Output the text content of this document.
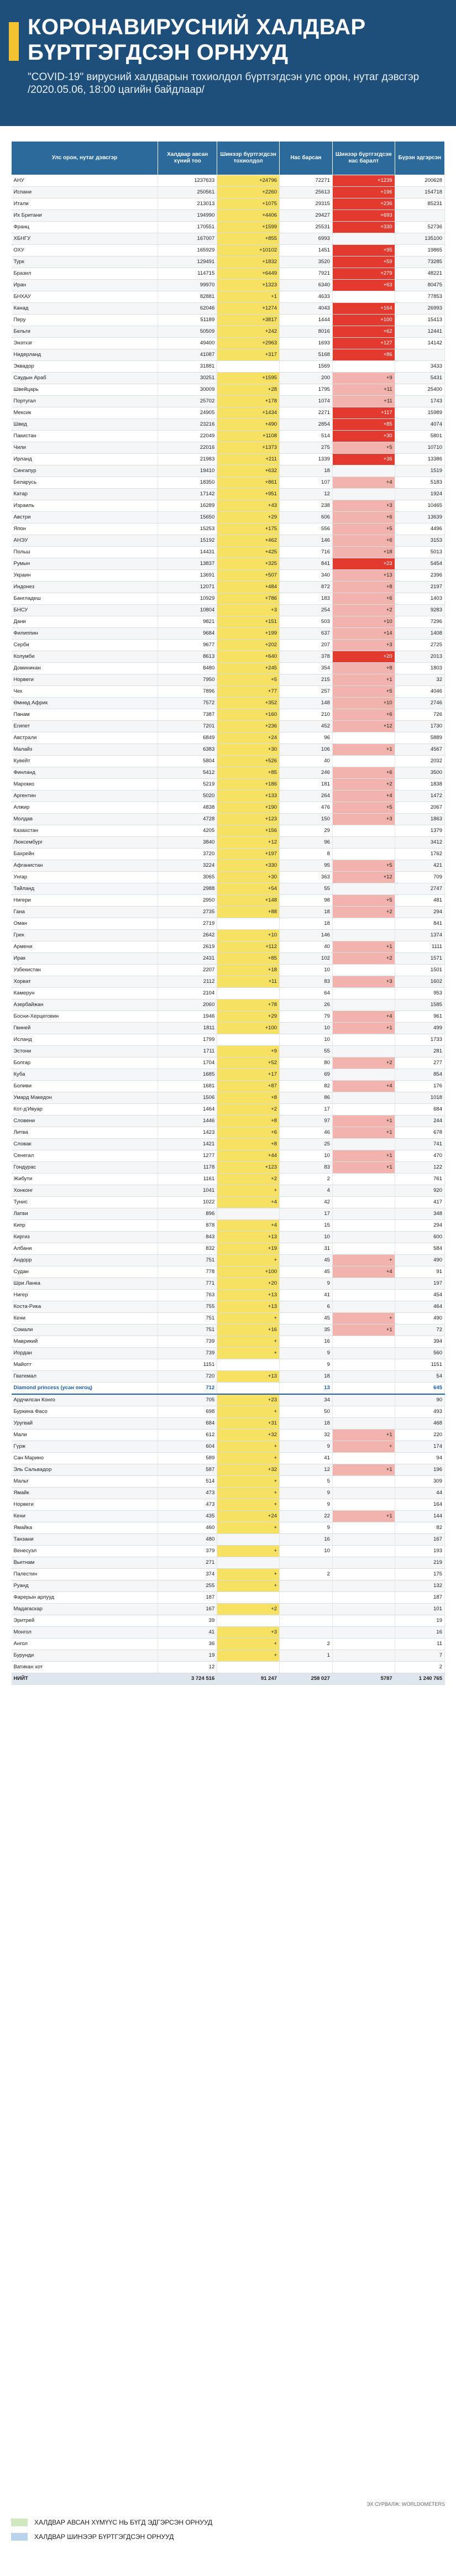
КОРОНАВИРУСНИЙ ХАЛДВАР БҮРТГЭГДСЭН ОРНУУД
"COVID-19" вирусний халдварын тохиолдол бүртгэгдсэн улс орон, нутаг дэвсгэр /2020.05.06, 18:00 цагийн байдлаар/
Улс орон, нутаг дэвсгэр	Халдвар авсан хүний тоо	Шинээр бүртгэгдсэн тохиолдол	Нас барсан	Шинээр бүртгэгдсэн нас баралт	Бүрэн эдгэрсэн
АНУ	1237633	+24796	72271	+1239	200628
Испани	250561	+2260	25613	+196	154718
Итали	213013	+1075	29315	+236	85231
Их Британи	194990	+4406	29427	+693	
Франц	170551	+1599	25531	+330	52736
ХБНГУ	167007	+855	6993		135100
ОХУ	165929	+10102	1451	+95	19865
Турк	129491	+1832	3520	+59	73285
Бразил	114715	+6449	7921	+279	48221
Иран	99970	+1323	6340	+63	80475
БНХАУ	82881	+1	4633		77853
Канад	62046	+1274	4043	+164	26993
Перу	51189	+3817	1444	+100	15413
Бельги	50509	+242	8016	+62	12441
Энэтхэг	49400	+2963	1693	+127	14142
Нидерланд	41087	+317	5168	+86	
Эквадор	31881		1569		3433
Саудын Араб	30251	+1595	200	+9	5431
Швейцарь	30009	+28	1795	+11	25400
Португал	25702	+178	1074	+11	1743
Мексик	24905	+1434	2271	+117	15989
Швед	23216	+490	2854	+85	4074
Пакистан	22049	+1108	514	+30	5801
Чили	22016	+1373	275	+5	10710
Ирланд	21983	+211	1339	+36	13386
Сингапур	19410	+632	18		1519
Беларусь	18350	+861	107	+4	5183
Катар	17142	+951	12		1924
Израиль	16289	+43	238	+3	10465
Австри	15650	+29	606	+6	13639
Япон	15253	+175	556	+5	4496
АНЭУ	15192	+462	146	+6	3153
Польш	14431	+425	716	+18	5013
Румын	13837	+325	841	+23	5454
Украин	13691	+507	340	+13	2396
Индонез	12071	+484	872	+8	2197
Бангладеш	10929	+786	183	+6	1403
БНСУ	10804	+3	254	+2	9283
Дани	9821	+151	503	+10	7296
Филиппин	9684	+199	637	+14	1408
Серби	9677	+202	207	+3	2725
Колумби	8613	+640	378	+20	2013
Доминикан	8480	+245	354	+8	1803
Норвеги	7950	+5	215	+1	32
Чех	7896	+77	257	+5	4046
Өмнөд Африк	7572	+352	148	+10	2746
Панам	7387	+160	210	+6	726
Египет	7201	+236	452	+12	1730
Австрали	6849	+24	96		5889
Малайз	6383	+30	106	+1	4567
Кувейт	5804	+526	40		2032
Финланд	5412	+85	246	+6	3500
Мароккo	5219	+186	181	+2	1838
Аргентин	5020	+133	264	+4	1472
Алжир	4838	+190	476	+5	2067
Молдав	4728	+123	150	+3	1863
Казахстан	4205	+156	29		1379
Люксембург	3840	+12	96		3412
Бахрейн	3720	+197	8		1762
Афганистан	3224	+330	95	+5	421
Унгар	3065	+30	363	+12	709
Тайланд	2988	+54	55		2747
Нигери	2950	+148	98	+5	481
Гана	2735	+88	18	+2	294
Оман	2719		18		841
Грек	2642	+10	146		1374
Армени	2619	+112	40	+1	1111
Ирак	2431	+85	102	+2	1571
Узбекистан	2207	+18	10		1501
Хорват	2112	+11	83	+3	1602
Камерун	2104		64		953
Азербайжан	2060	+78	26		1585
Босни-Херцеговин	1946	+29	79	+4	961
Гвиней	1811	+100	10	+1	499
Исланд	1799		10		1733
Эстони	1711	+9	55		281
Болгар	1704	+52	80	+2	277
Куба	1685	+17	69		854
Боливи	1681	+87	82	+4	176
Умард Македон	1506	+8	86		1018
Кот-д'Ивуар	1464	+2	17		684
Словени	1446	+8	97	+1	244
Литва	1423	+6	46	+1	678
Словак	1421	+8	25		741
Сенегал	1277	+44	10	+1	470
Гондурас	1178	+123	83	+1	122
Жибути	1161	+2	2		761
Хонконг	1041	+	4		920
Тунис	1022	+4	42		417
Латви	896		17		348
Кипр	878	+4	15		294
Киргиз	843	+13	10		600
Албани	832	+19	31		584
Андорр	751	+	45	+	490
Судан	778	+100	45	+4	91
Шри Ланка	771	+20	9		197
Нигер	763	+13	41		454
Коста-Рика	755	+13	6		464
Кени	751	+	45	+	490
Сомали	751	+16	35	+1	72
Маврикий	739	+	16		394
Иордан	739	+	9		560
Майотт	1151		9		1151
Гватемал	720	+13	18		54
Diamond princess (усан онгоц)	712		13		645
Ардчилсан Конго	705	+23	34		90
Буркина Фасо	698	+	50		493
Уругвай	684	+31	18		468
Мали	612	+32	32	+1	220
Гүрж	604	+	9	+	174
Сан Марино	589	+	41		94
Эль Сальвадор	587	+32	12	+1	196
Мальт	514	+	5		309
Ямайк	473	+	9		44
Норвеги	473	+	9		164
Кени	435	+24	22	+1	144
Ямайка	460	+	9		82
Танзани	480		16		167
Венесуэл	379	+	10		193
Вьетнам	271				219
Палестин	374	+	2		175
Руанд	255	+			132
Фарерын арлууд	187				187
Мадагаскар	167	+2			101
Эритрей	39				19
Монгол	41	+3			16
Ангол	36	+	2		11
Бурунди	19	+	1		7
Ватикан хот	12				2
НИЙТ	3 724 516	91 247	258 027	5787	1 240 765
ЭХ СУРВАЛЖ: WORLDOMETERS
ХАЛДВАР АВСАН ХҮМҮҮС НЬ БҮГД ЭДГЭРСЭН ОРНУУД
ХАЛДВАР ШИНЭЭР БҮРТГЭГДСЭН ОРНУУД
